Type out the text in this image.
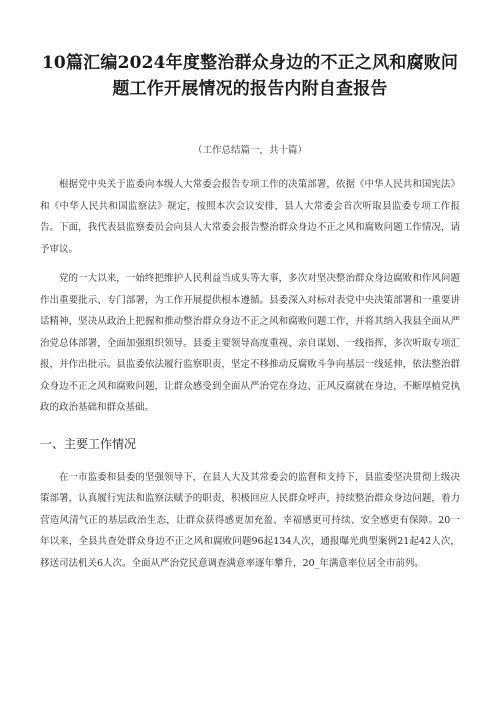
10篇汇编2024年度整治群众身边的不正之风和腐败问
题工作开展情况的报告内附自查报告
（工作总结篇一，共十篇）

根据党中央关于监委向本级人大常委会报告专项工作的决策部署，依据《中华人民共和国宪法》和《中华人民共和国监察法》规定，按照本次会议安排，县人大常委会首次听取县监委专项工作报告。下面，我代表县监察委员会向县人大常委会报告整治群众身边不正之风和腐败问题工作情况，请予审议。

党的一大以来，一始终把维护人民利益当成头等大事，多次对坚决整治群众身边腐败和作风问题作出重要批示、专门部署，为工作开展提供根本遵循。县委深入对标对表党中央决策部署和一重要讲话精神，坚决从政治上把握和推动整治群众身边不正之风和腐败问题工作，并将其纳入我县全面从严治党总体部署，全面加强组织领导。县委主要领导高度重视、亲自谋划、一线指挥，多次听取专项汇报，并作出批示。县监委依法履行监察职责，坚定不移推动反腐败斗争向基层一线延伸，依法整治群众身边不正之风和腐败问题，让群众感受到全面从严治党在身边、正风反腐就在身边，不断厚植党执政的政治基础和群众基础。

一、主要工作情况

在一市监委和县委的坚强领导下，在县人大及其常委会的监督和支持下，县监委坚决贯彻上级决策部署，认真履行宪法和监察法赋予的职责，积极回应人民群众呼声，持续整治群众身边问题，着力营造风清气正的基层政治生态，让群众获得感更加充盈、幸福感更可持续、安全感更有保障。20一年以来，全县共查处群众身边不正之风和腐败问题96起134人次，通报曝光典型案例21起42人次，移送司法机关6人次。全面从严治党民意调查满意率逐年攀升，20_年满意率位居全市前列。
